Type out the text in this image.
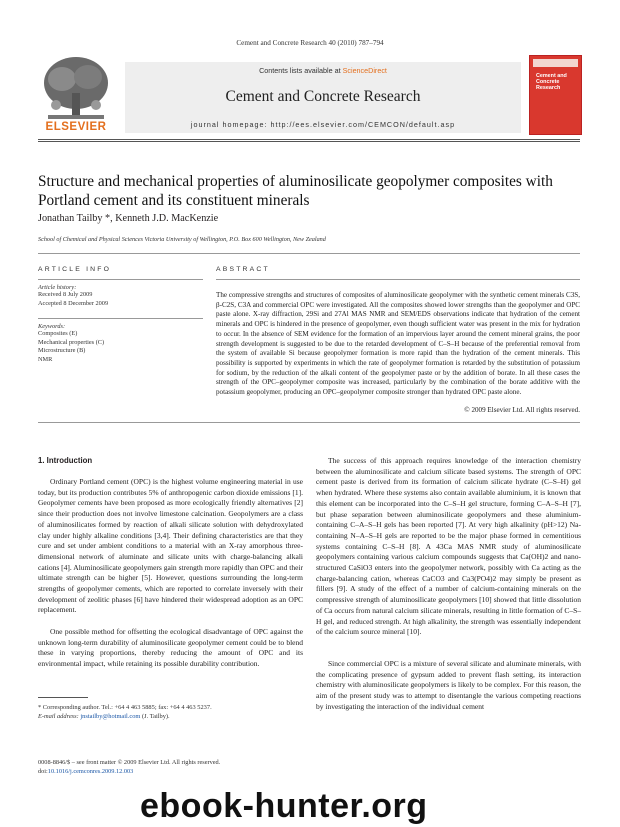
Cement and Concrete Research 40 (2010) 787–794
ELSEVIER
Contents lists available at ScienceDirect
Cement and Concrete Research
journal homepage: http://ees.elsevier.com/CEMCON/default.asp
Cement and Concrete Research
Structure and mechanical properties of aluminosilicate geopolymer composites with Portland cement and its constituent minerals
Jonathan Tailby *, Kenneth J.D. MacKenzie
School of Chemical and Physical Sciences Victoria University of Wellington, P.O. Box 600 Wellington, New Zealand
ARTICLE INFO
Article history:
Received 8 July 2009
Accepted 8 December 2009
Keywords:
Composites (E)
Mechanical properties (C)
Microstructure (B)
NMR
ABSTRACT
The compressive strengths and structures of composites of aluminosilicate geopolymer with the synthetic cement minerals C3S, β-C2S, C3A and commercial OPC were investigated. All the composites showed lower strengths than the geopolymer and OPC paste alone. X-ray diffraction, 29Si and 27Al MAS NMR and SEM/EDS observations indicate that hydration of the cement minerals and OPC is hindered in the presence of geopolymer, even though sufficient water was present in the mix for hydration to occur. In the absence of SEM evidence for the formation of an impervious layer around the cement mineral grains, the poor strength development is suggested to be due to the retarded development of C–S–H because of the preferential removal from the system of available Si because geopolymer formation is more rapid than the hydration of the cement minerals. This possibility is supported by experiments in which the rate of geopolymer formation is retarded by the substitution of potassium for sodium, by the reduction of the alkali content of the geopolymer paste or by the addition of borate. In all these cases the strength of the OPC–geopolymer composite was increased, particularly by the combination of the borate additive with the potassium geopolymer, producing an OPC–geopolymer composite stronger than hydrated OPC paste alone.
© 2009 Elsevier Ltd. All rights reserved.
1. Introduction
Ordinary Portland cement (OPC) is the highest volume engineering material in use today, but its production contributes 5% of anthropogenic carbon dioxide emissions [1]. Geopolymer cements have been proposed as more ecologically friendly alternatives [2] since their production does not involve limestone calcination. Geopolymers are a class of aluminosilicates formed by reaction of alkali silicate solution with dehydroxylated clay under highly alkaline conditions [3,4]. Their defining characteristics are that they cure and set under ambient conditions to a material with an X-ray amorphous three-dimensional network of aluminate and silicate units with charge-balancing alkali cations [4]. Aluminosilicate geopolymers gain strength more rapidly than OPC and their ultimate strength can be higher [5]. However, questions surrounding the long-term strengths of geopolymer cements, which are reported to correlate inversely with their development of zeolitic phases [6] have hindered their widespread adoption as an OPC replacement.
One possible method for offsetting the ecological disadvantage of OPC against the unknown long-term durability of aluminosilicate geopolymer cement could be to blend these in varying proportions, thereby reducing the amount of OPC and its environmental impact, while retaining its possible durability contribution.
The success of this approach requires knowledge of the interaction chemistry between the aluminosilicate and calcium silicate based systems. The strength of OPC cement paste is derived from its formation of calcium silicate hydrate (C–S–H) gel when hydrated. Where these systems also contain available aluminium, it is known that this element can be incorporated into the C–S–H gel structure, forming C–A–S–H [7], but phase separation between aluminosilicate geopolymers and these aluminium-containing C–A–S–H gels has been reported [7]. At very high alkalinity (pH>12) Na-containing N–A–S–H gels are reported to be the major phase formed in cementitious systems containing C–S–H [8]. A 43Ca MAS NMR study of aluminosilicate geopolymers containing various calcium compounds suggests that Ca(OH)2 and nano-structured CaSiO3 enters into the geopolymer network, possibly with Ca acting as the charge-balancing cation, whereas CaCO3 and Ca3(PO4)2 may simply be present as fillers [9]. A study of the effect of a number of calcium-containing minerals on the compressive strength of aluminosilicate geopolymers [10] showed that little dissolution of Ca occurs from natural calcium silicate minerals, resulting in little formation of C–S–H gel, and reduced strength. At high alkalinity, the strength was essentially independent of the calcium source mineral [10].
Since commercial OPC is a mixture of several silicate and aluminate minerals, with the complicating presence of gypsum added to prevent flash setting, its interaction chemistry with aluminosilicate geopolymers is likely to be complex. For this reason, the aim of the present study was to attempt to disentangle the various competing reactions by investigating the interaction of the individual cement
* Corresponding author. Tel.: +64 4 463 5885; fax: +64 4 463 5237.
E-mail address: jnstailby@hotmail.com (J. Tailby).
0008-8846/$ – see front matter © 2009 Elsevier Ltd. All rights reserved.
doi:10.1016/j.cemconres.2009.12.003
ebook-hunter.org
